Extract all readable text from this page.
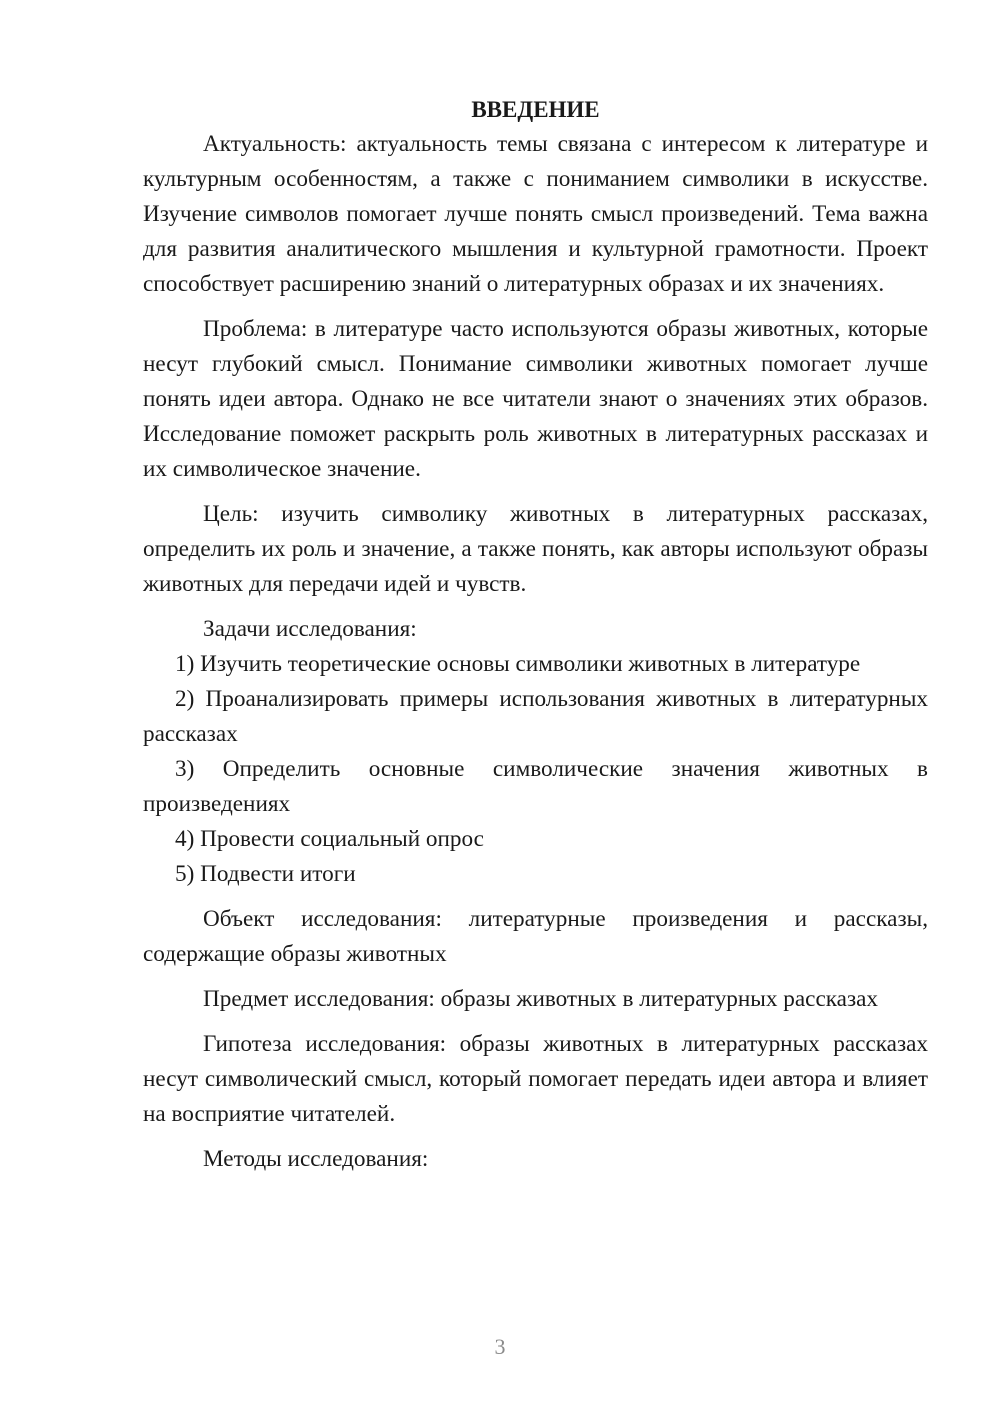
ВВЕДЕНИЕ

Актуальность: актуальность темы связана с интересом к литературе и культурным особенностям, а также с пониманием символики в искусстве. Изучение символов помогает лучше понять смысл произведений. Тема важна для развития аналитического мышления и культурной грамотности. Проект способствует расширению знаний о литературных образах и их значениях.

Проблема: в литературе часто используются образы животных, которые несут глубокий смысл. Понимание символики животных помогает лучше понять идеи автора. Однако не все читатели знают о значениях этих образов. Исследование поможет раскрыть роль животных в литературных рассказах и их символическое значение.

Цель: изучить символику животных в литературных рассказах, определить их роль и значение, а также понять, как авторы используют образы животных для передачи идей и чувств.

Задачи исследования:

1) Изучить теоретические основы символики животных в литературе

2) Проанализировать примеры использования животных в литературных рассказах

3) Определить основные символические значения животных в произведениях

4) Провести социальный опрос

5) Подвести итоги

Объект исследования: литературные произведения и рассказы, содержащие образы животных

Предмет исследования: образы животных в литературных рассказах

Гипотеза исследования: образы животных в литературных рассказах несут символический смысл, который помогает передать идеи автора и влияет на восприятие читателей.

Методы исследования:

3
